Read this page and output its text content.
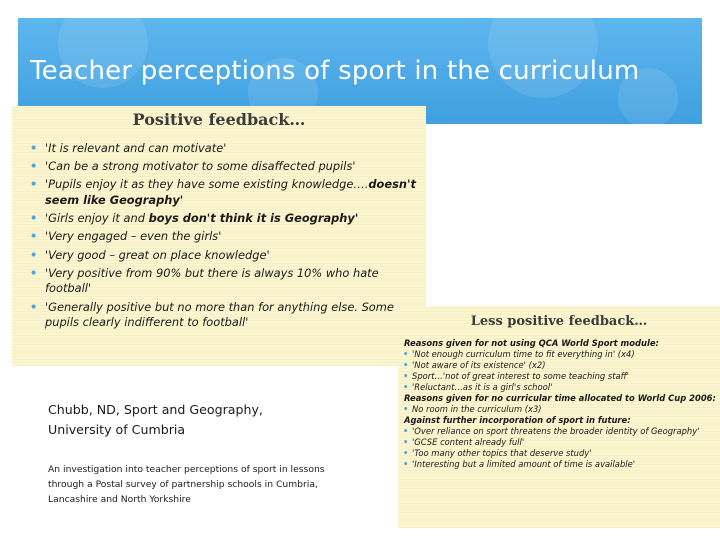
Teacher perceptions of sport in the curriculum
Positive feedback…
• 'It is relevant and can motivate'
• 'Can be a strong motivator to some disaffected pupils'
• 'Pupils enjoy it as they have some existing knowledge….doesn't seem like Geography'
• 'Girls enjoy it and boys don't think it is Geography'
• 'Very engaged – even the girls'
• 'Very good – great on place knowledge'
• 'Very positive from 90% but there is always 10% who hate football'
• 'Generally positive but no more than for anything else. Some pupils clearly indifferent to football'	Less positive feedback…
Reasons given for not using QCA World Sport module:
• 'Not enough curriculum time to fit everything in' (x4)
• 'Not aware of its existence' (x2)
• Sport…'not of great interest to some teaching staff'
• 'Reluctant…as it is a girl's school'
Reasons given for no curricular time allocated to World Cup 2006:
• No room in the curriculum (x3)
Against further incorporation of sport in future:
• 'Over reliance on sport threatens the broader identity of Geography'
• 'GCSE content already full'
• 'Too many other topics that deserve study'
• 'Interesting but a limited amount of time is available'
Chubb, ND, Sport and Geography,
University of Cumbria
An investigation into teacher perceptions of sport in lessons through a Postal survey of partnership schools in Cumbria, Lancashire and North Yorkshire
